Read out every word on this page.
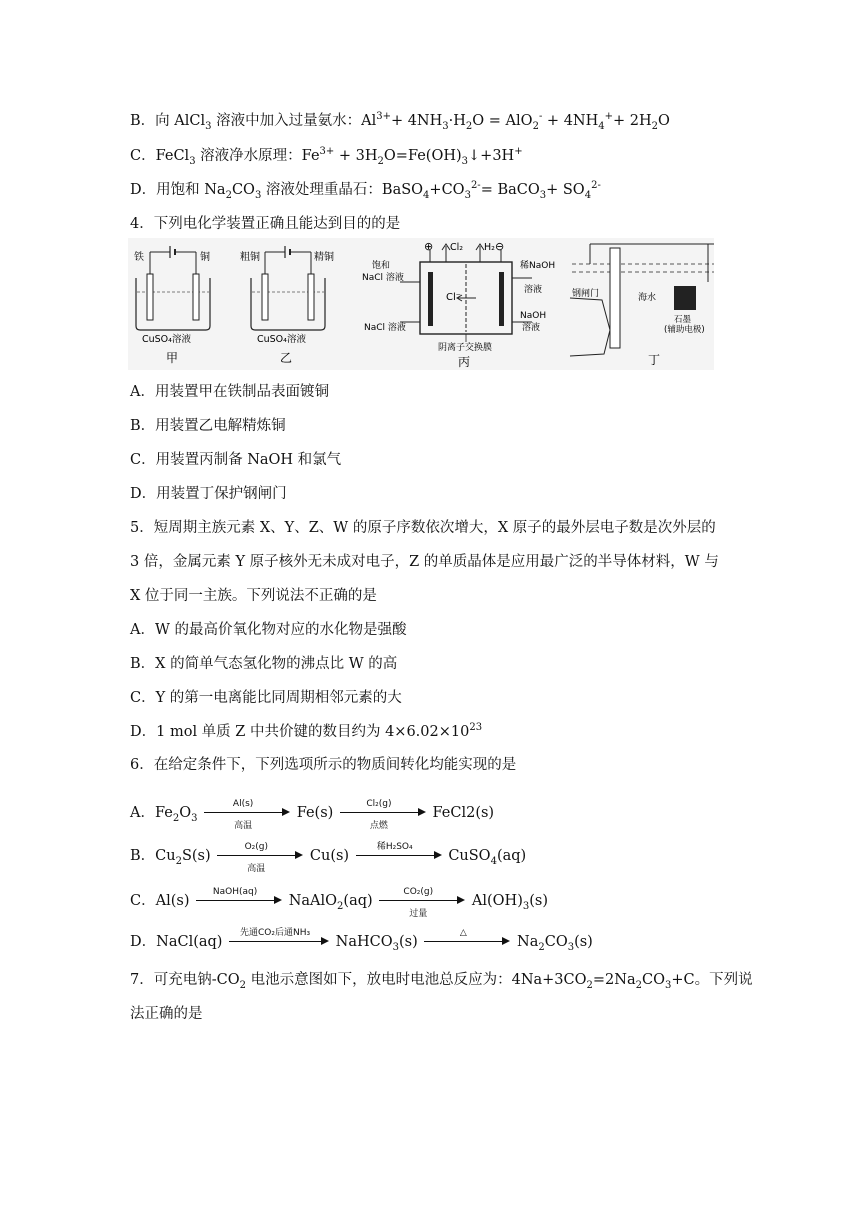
B．向 AlCl$_3$ 溶液中加入过量氨水：$Al^{3+}+ 4NH_3\cdot H_2O = AlO_2^- + 4NH_4^++ 2H_2O$
C．FeCl$_3$ 溶液净水原理：$Fe^{3+}$ + $3H_2O=Fe(OH)_3↓+3H^+$
D．用饱和 $Na_2CO_3$ 溶液处理重晶石：$BaSO_4+CO_3^{2-}=$ BaCO$_3$+ $SO_4^{2-}$
4．下列电化学装置正确且能达到目的的是
铁	铜
CuSO₄溶液
甲
粗铜	精铜
CuSO₄溶液
乙
⊕	⊖
Cl₂ H₂
Cl⁻
饱和
NaCl 溶液
NaCl 溶液
稀NaOH
溶液
NaOH
溶液
阴离子交换膜
丙
钢闸门	海水
石墨
(辅助电极)
丁
A．用装置甲在铁制品表面镀铜
B．用装置乙电解精炼铜
C．用装置丙制备 NaOH 和氯气
D．用装置丁保护钢闸门
5．短周期主族元素 X、Y、Z、W 的原子序数依次增大，X 原子的最外层电子数是次外层的
3 倍，金属元素 Y 原子核外无未成对电子，Z 的单质晶体是应用最广泛的半导体材料，W 与
X 位于同一主族。下列说法不正确的是
A．W 的最高价氧化物对应的水化物是强酸
B．X 的简单气态氢化物的沸点比 W 的高
C．Y 的第一电离能比同周期相邻元素的大
D．1 mol 单质 Z 中共价键的数目约为 $4\times 6.02\times 10^{23}$
6．在给定条件下，下列选项所示的物质间转化均能实现的是
A．$Fe_2O_3$
Al(s)
高温
Fe(s)
Cl₂(g)
点燃
FeCl2(s)
B．$Cu_2S(s)$
O₂(g)
高温
Cu(s)
稀H₂SO₄
CuSO$_4$(aq)
C．Al(s)
NaOH(aq)
NaAlO$_2$(aq)
CO₂(g)
过量
$Al(OH)_3(s)$
D．NaCl(aq)
先通CO₂后通NH₃
NaHCO$_3$(s)
△
$Na_2CO_3(s)$
7．可充电钠$-CO_2$ 电池示意图如下，放电时电池总反应为：$4Na+3CO_2=2Na_2CO_3+C$。下列说
法正确的是
